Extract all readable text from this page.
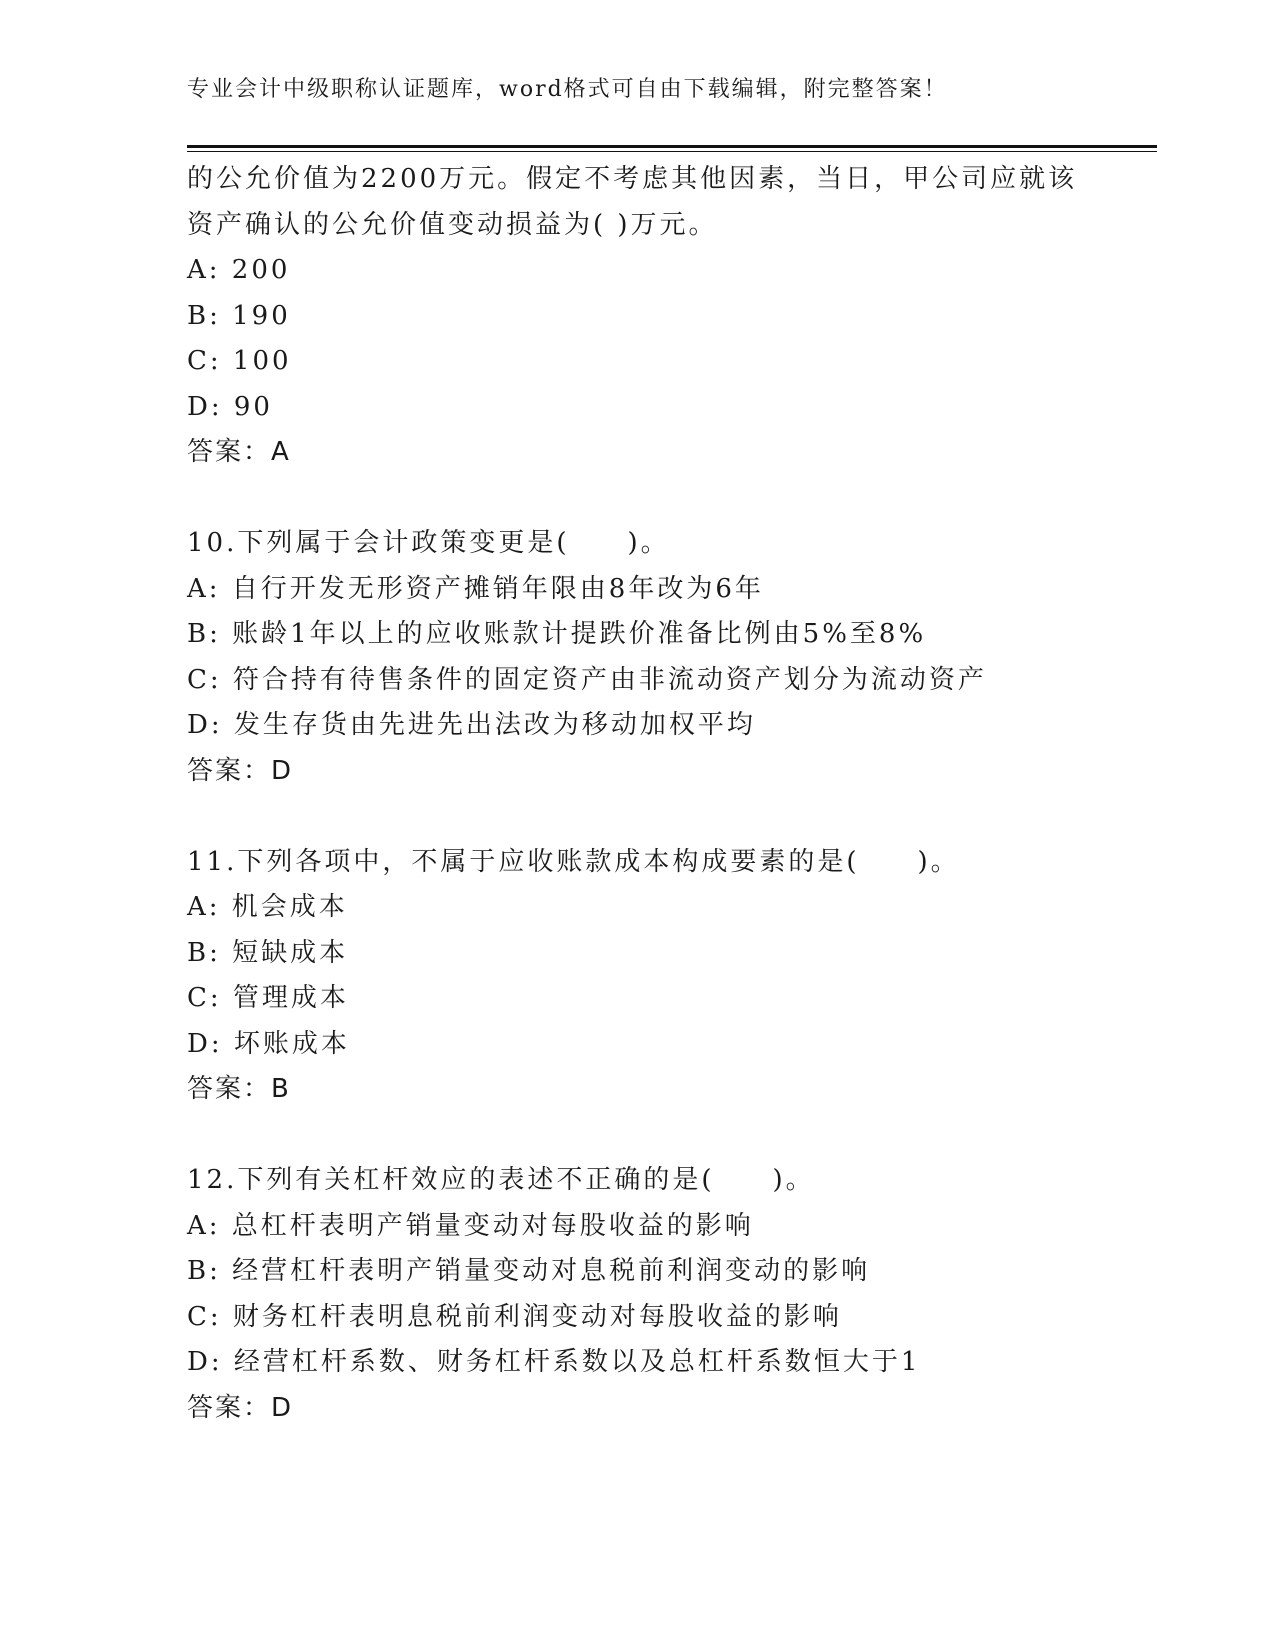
专业会计中级职称认证题库，word格式可自由下载编辑，附完整答案！
的公允价值为2200万元。假定不考虑其他因素，当日，甲公司应就该
资产确认的公允价值变动损益为( )万元。
A: 200
B: 190
C: 100
D: 90
答案：A
10.下列属于会计政策变更是(　　)。
A: 自行开发无形资产摊销年限由8年改为6年
B: 账龄1年以上的应收账款计提跌价准备比例由5%至8%
C: 符合持有待售条件的固定资产由非流动资产划分为流动资产
D: 发生存货由先进先出法改为移动加权平均
答案：D
11.下列各项中，不属于应收账款成本构成要素的是(　　)。
A: 机会成本
B: 短缺成本
C: 管理成本
D: 坏账成本
答案：B
12.下列有关杠杆效应的表述不正确的是(　　)。
A: 总杠杆表明产销量变动对每股收益的影响
B: 经营杠杆表明产销量变动对息税前利润变动的影响
C: 财务杠杆表明息税前利润变动对每股收益的影响
D: 经营杠杆系数、财务杠杆系数以及总杠杆系数恒大于1
答案：D
